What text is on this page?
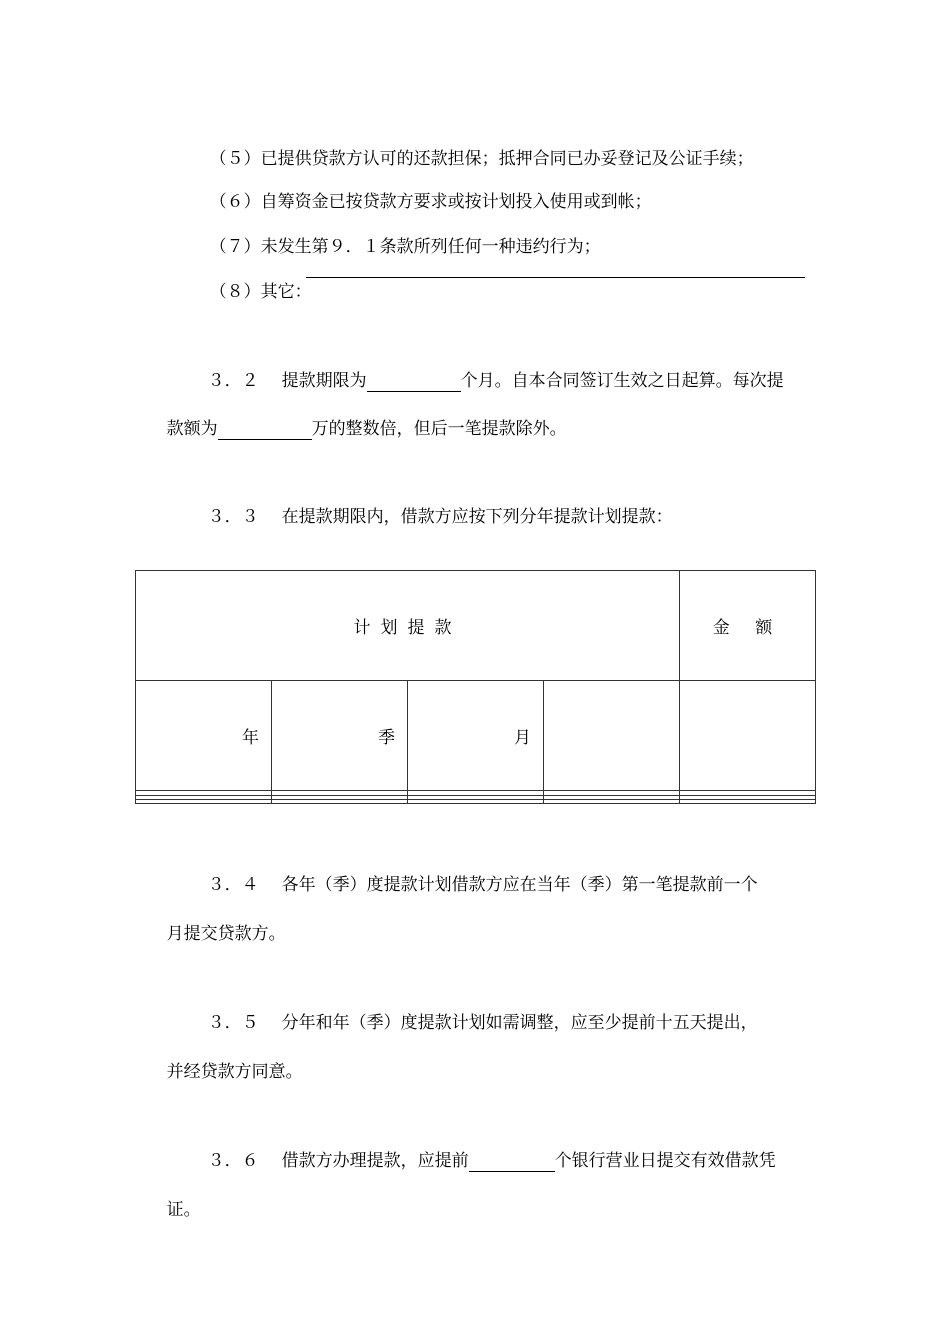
（５）已提供贷款方认可的还款担保；抵押合同已办妥登记及公证手续；

（６）自筹资金已按贷款方要求或按计划投入使用或到帐；

（７）未发生第９．１条款所列任何一种违约行为；

（８）其它：

３．２ 提款期限为	个月。自本合同签订生效之日起算。每次提

款额为	万的整数倍，但后一笔提款除外。

３．３ 在提款期限内，借款方应按下列分年提款计划提款：

计划提款				金 额
年	季	月		

３．４ 各年（季）度提款计划借款方应在当年（季）第一笔提款前一个

月提交贷款方。

３．５ 分年和年（季）度提款计划如需调整，应至少提前十五天提出，

并经贷款方同意。

３．６ 借款方办理提款，应提前	个银行营业日提交有效借款凭

证。
